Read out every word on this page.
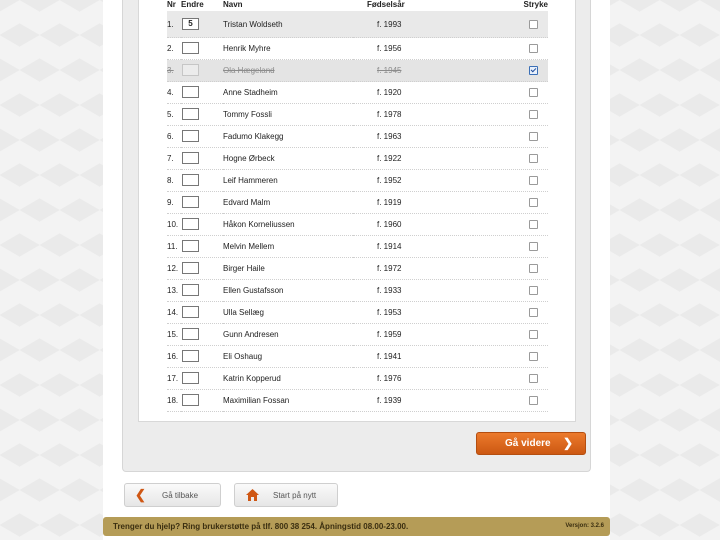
Nr	Endre	Navn	Fødselsår	Stryke
1.	5	Tristan Woldseth	f. 1993	
2.		Henrik Myhre	f. 1956	
3.		Ola Hægeland	f. 1945	
4.		Anne Stadheim	f. 1920	
5.		Tommy Fossli	f. 1978	
6.		Fadumo Klakegg	f. 1963	
7.		Hogne Ørbeck	f. 1922	
8.		Leif Hammeren	f. 1952	
9.		Edvard Malm	f. 1919	
10.		Håkon Korneliussen	f. 1960	
11.		Melvin Mellem	f. 1914	
12.		Birger Haile	f. 1972	
13.		Ellen Gustafsson	f. 1933	
14.		Ulla Sellæg	f. 1953	
15.		Gunn Andresen	f. 1959	
16.		Eli Oshaug	f. 1941	
17.		Katrin Kopperud	f. 1976	
18.		Maximilian Fossan	f. 1939	
Gå videre ❯
❮ Gå tilbake	Start på nytt
Trenger du hjelp? Ring brukerstøtte på tlf. 800 38 254. Åpningstid 08.00-23.00.	Versjon: 3.2.6
